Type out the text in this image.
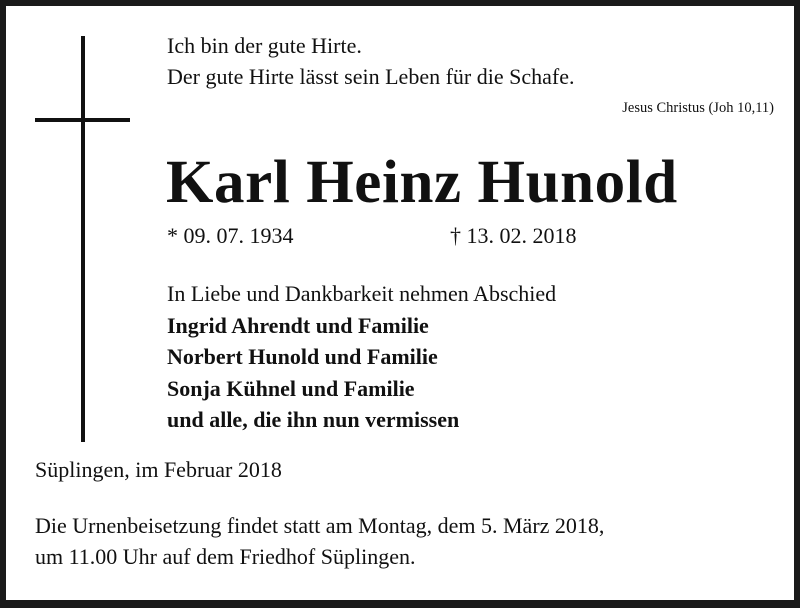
Ich bin der gute Hirte.
Der gute Hirte lässt sein Leben für die Schafe.
Jesus Christus (Joh 10,11)
Karl Heinz Hunold
* 09. 07. 1934	† 13. 02. 2018
In Liebe und Dankbarkeit nehmen Abschied
Ingrid Ahrendt und Familie
Norbert Hunold und Familie
Sonja Kühnel und Familie
und alle, die ihn nun vermissen
Süplingen, im Februar 2018
Die Urnenbeisetzung findet statt am Montag, dem 5. März 2018,
um 11.00 Uhr auf dem Friedhof Süplingen.
